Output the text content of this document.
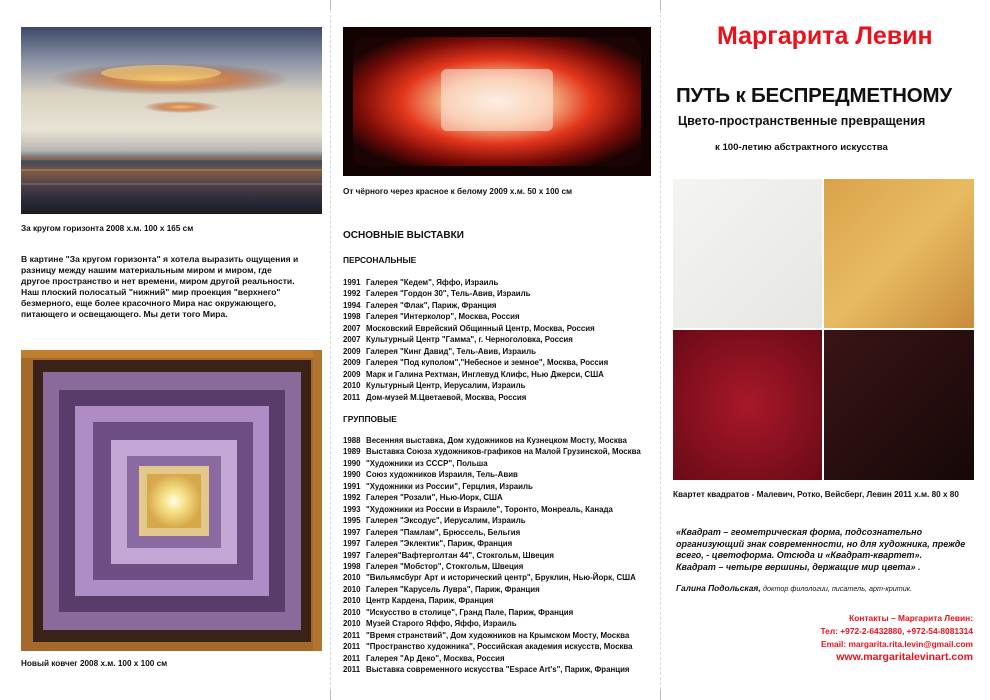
За кругом горизонта 2008 х.м. 100 х 165 см
В картине "За кругом горизонта" я хотела выразить ощущения и
разницу между нашим материальным миром и миром, где
другое пространство и нет времени, миром другой реальности.
Наш плоский полосатый "нижний" мир проекция "верхнего"
безмерного, еще более красочного Мира нас окружающего,
питающего и освещающего. Мы дети того Мира.
Новый ковчег 2008 х.м. 100 х 100 см
От чёрного через красное к белому 2009 х.м. 50 х 100 см
ОСНОВНЫЕ ВЫСТАВКИ
ПЕРСОНАЛЬНЫЕ
1991 Галерея "Кедем", Яффо, Израиль
1992 Галерея "Гордон 30", Тель-Авив, Израиль
1994 Галерея "Флак", Париж, Франция
1998 Галерея "Интерколор", Москва, Россия
2007 Московский Еврейский Общинный Центр, Москва, Россия
2007 Культурный Центр "Гамма", г. Черноголовка, Россия
2009 Галерея "Кинг Давид", Тель-Авив, Израиль
2009 Галерея "Под куполом","Небесное и земное", Москва, Россия
2009 Марк и Галина Рехтман, Инглевуд Клифс, Нью Джерси, США
2010 Культурный Центр, Иерусалим, Израиль
2011 Дом-музей М.Цветаевой, Москва, Россия
ГРУППОВЫЕ
1988 Весенняя выставка, Дом художников на Кузнецком Мосту, Москва
1989 Выставка Союза художников-графиков на Малой Грузинской, Москва
1990 "Художники из СССР", Польша
1990 Союз художников Израиля, Тель-Авив
1991 "Художники из России", Герцлия, Израиль
1992 Галерея "Розали", Нью-Иорк, США
1993 "Художники из России в Израиле", Торонто, Монреаль, Канада
1995 Галерея "Эксодус", Иерусалим, Израиль
1997 Галерея "Памлам", Брюссель, Бельгия
1997 Галерея "Эклектик", Париж, Франция
1997 Галерея"Вафтерголтан 44", Стокгольм, Швеция
1998 Галерея "Мобстор", Стокгольм, Швеция
2010 "Вильямсбург Арт и исторический центр", Бруклин, Нью-Йорк, США
2010 Галерея "Карусель Лувра", Париж, Франция
2010 Центр Кардена, Париж, Франция
2010 "Искусство в столице", Гранд Пале, Париж, Франция
2010 Музей Старого Яффо, Яффо, Израиль
2011 "Время странствий", Дом художников на Крымском Мосту, Москва
2011 "Пространство художника", Российская академия искусств, Москва
2011 Галерея "Ар Деко", Москва, Россия
2011 Выставка современного искусства "Espace Art's", Париж, Франция
Маргарита Левин
ПУТЬ к БЕСПРЕДМЕТНОМУ
Цвето-пространственные превращения
к 100-летию абстрактного искусства
Квартет квадратов - Малевич, Ротко, Вейсберг, Левин 2011 х.м. 80 х 80
«Квадрат – геометрическая форма, подсознательно
организующий знак современности, но для художника, прежде
всего, - цветоформа. Отсюда и «Квадрат-квартет».
Квадрат – четыре вершины, держащие мир цвета» .
Галина Подольская, доктор филологии, писатель, арт-критик.
Контакты – Маргарита Левин:
Тел: +972-2-6432880, +972-54-8081314
Email: margarita.rita.levin@gmail.com
www.margaritalevinart.com
